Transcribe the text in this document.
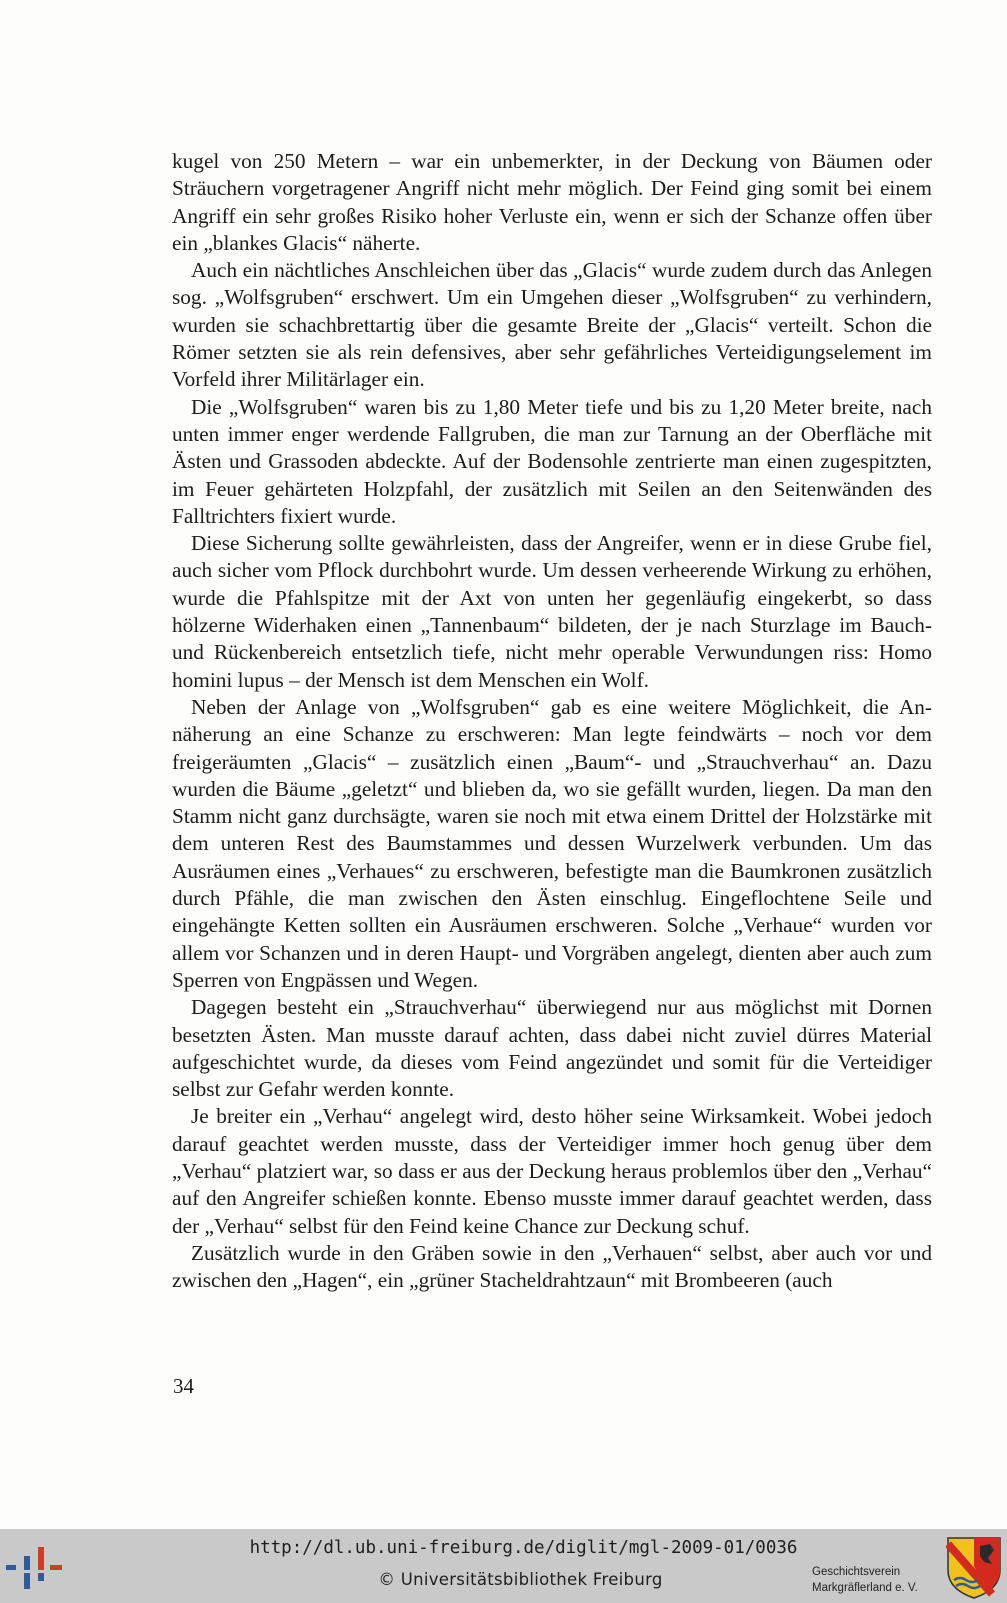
kugel von 250 Metern – war ein unbemerkter, in der Deckung von Bäumen oder Sträuchern vorgetragener Angriff nicht mehr möglich. Der Feind ging somit bei einem Angriff ein sehr großes Risiko hoher Verluste ein, wenn er sich der Schanze offen über ein „blankes Glacis“ näherte.

Auch ein nächtliches Anschleichen über das „Glacis“ wurde zudem durch das Anlegen sog. „Wolfsgruben“ erschwert. Um ein Umgehen dieser „Wolfsgruben“ zu verhindern, wurden sie schachbrettartig über die gesamte Breite der „Glacis“ verteilt. Schon die Römer setzten sie als rein defensives, aber sehr gefährliches Verteidigungselement im Vorfeld ihrer Militärlager ein.

Die „Wolfsgruben“ waren bis zu 1,80 Meter tiefe und bis zu 1,20 Meter breite, nach unten immer enger werdende Fallgruben, die man zur Tarnung an der Oberfläche mit Ästen und Grassoden abdeckte. Auf der Bodensohle zentrierte man einen zugespitzten, im Feuer gehärteten Holzpfahl, der zusätzlich mit Seilen an den Seitenwänden des Falltrichters fixiert wurde.

Diese Sicherung sollte gewährleisten, dass der Angreifer, wenn er in diese Grube fiel, auch sicher vom Pflock durchbohrt wurde. Um dessen verheerende Wirkung zu erhöhen, wurde die Pfahlspitze mit der Axt von unten her gegenläufig eingekerbt, so dass hölzerne Widerhaken einen „Tannenbaum“ bildeten, der je nach Sturzlage im Bauch- und Rückenbereich entsetzlich tiefe, nicht mehr operable Verwundungen riss: Homo homini lupus – der Mensch ist dem Menschen ein Wolf.

Neben der Anlage von „Wolfsgruben“ gab es eine weitere Möglichkeit, die Annäherung an eine Schanze zu erschweren: Man legte feindwärts – noch vor dem freigeräumten „Glacis“ – zusätzlich einen „Baum“- und „Strauchverhau“ an. Dazu wurden die Bäume „geletzt“ und blieben da, wo sie gefällt wurden, liegen. Da man den Stamm nicht ganz durchsägte, waren sie noch mit etwa einem Drittel der Holzstärke mit dem unteren Rest des Baumstammes und dessen Wurzelwerk verbunden. Um das Ausräumen eines „Verhaues“ zu erschweren, befestigte man die Baumkronen zusätzlich durch Pfähle, die man zwischen den Ästen einschlug. Eingeflochtene Seile und eingehängte Ketten sollten ein Ausräumen erschweren. Solche „Verhaue“ wurden vor allem vor Schanzen und in deren Haupt- und Vorgräben angelegt, dienten aber auch zum Sperren von Engpässen und Wegen.

Dagegen besteht ein „Strauchverhau“ überwiegend nur aus möglichst mit Dornen besetzten Ästen. Man musste darauf achten, dass dabei nicht zuviel dürres Material aufgeschichtet wurde, da dieses vom Feind angezündet und somit für die Verteidiger selbst zur Gefahr werden konnte.

Je breiter ein „Verhau“ angelegt wird, desto höher seine Wirksamkeit. Wobei jedoch darauf geachtet werden musste, dass der Verteidiger immer hoch genug über dem „Verhau“ platziert war, so dass er aus der Deckung heraus problemlos über den „Verhau“ auf den Angreifer schießen konnte. Ebenso musste immer darauf geachtet werden, dass der „Verhau“ selbst für den Feind keine Chance zur Deckung schuf.

Zusätzlich wurde in den Gräben sowie in den „Verhauen“ selbst, aber auch vor und zwischen den „Hagen“, ein „grüner Stacheldrahtzaun“ mit Brombeeren (auch

34
http://dl.ub.uni-freiburg.de/diglit/mgl-2009-01/0036
© Universitätsbibliothek Freiburg	Geschichtsverein
Markgräflerland e. V.
